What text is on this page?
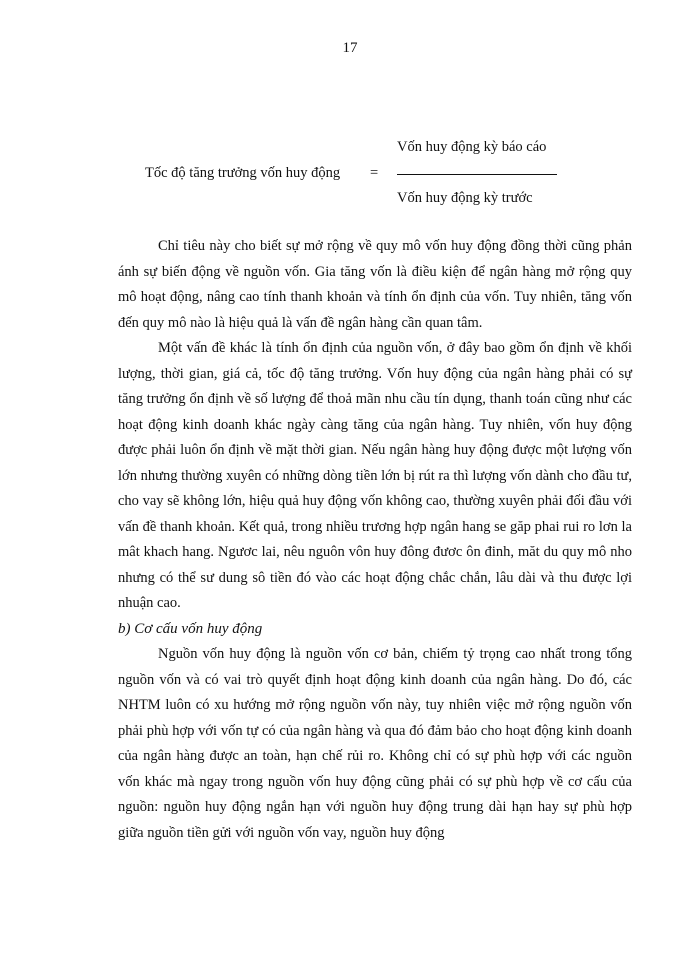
17
Tốc độ tăng trưởng vốn huy động =
Vốn huy động kỳ báo cáo
Vốn huy động kỳ trước

Chỉ tiêu này cho biết sự mở rộng về quy mô vốn huy động đồng thời cũng phản ánh sự biến động về nguồn vốn. Gia tăng vốn là điều kiện để ngân hàng mở rộng quy mô hoạt động, nâng cao tính thanh khoản và tính ổn định của vốn. Tuy nhiên, tăng vốn đến quy mô nào là hiệu quả là vấn đề ngân hàng cần quan tâm.

Một vấn đề khác là tính ổn định của nguồn vốn, ở đây bao gồm ổn định về khối lượng, thời gian, giá cả, tốc độ tăng trưởng. Vốn huy động của ngân hàng phải có sự tăng trưởng ổn định về số lượng để thoả mãn nhu cầu tín dụng, thanh toán cũng như các hoạt động kinh doanh khác ngày càng tăng của ngân hàng. Tuy nhiên, vốn huy động được phải luôn ổn định về mặt thời gian. Nếu ngân hàng huy động được một lượng vốn lớn nhưng thường xuyên có những dòng tiền lớn bị rút ra thì lượng vốn dành cho đầu tư, cho vay sẽ không lớn, hiệu quả huy động vốn không cao, thường xuyên phải đối đầu với vấn đề thanh khoản. Kết quả, trong nhiều trương hợp ngân hang se găp phai rui ro lơn la mât khach hang. Ngươc lai, nêu nguôn vôn huy đông đươc ôn đinh, măt du quy mô nho nhưng có thể sư dung sô tiền đó vào các hoạt động chắc chắn, lâu dài và thu được lợi nhuận cao.

b) Cơ cấu vốn huy động

Nguồn vốn huy động là nguồn vốn cơ bản, chiếm tỷ trọng cao nhất trong tổng nguồn vốn và có vai trò quyết định hoạt động kinh doanh của ngân hàng. Do đó, các NHTM luôn có xu hướng mở rộng nguồn vốn này, tuy nhiên việc mở rộng nguồn vốn phải phù hợp với vốn tự có của ngân hàng và qua đó đảm bảo cho hoạt động kinh doanh của ngân hàng được an toàn, hạn chế rủi ro. Không chỉ có sự phù hợp với các nguồn vốn khác mà ngay trong nguồn vốn huy động cũng phải có sự phù hợp về cơ cấu của nguồn: nguồn huy động ngắn hạn với nguồn huy động trung dài hạn hay sự phù hợp giữa nguồn tiền gửi với nguồn vốn vay, nguồn huy động
